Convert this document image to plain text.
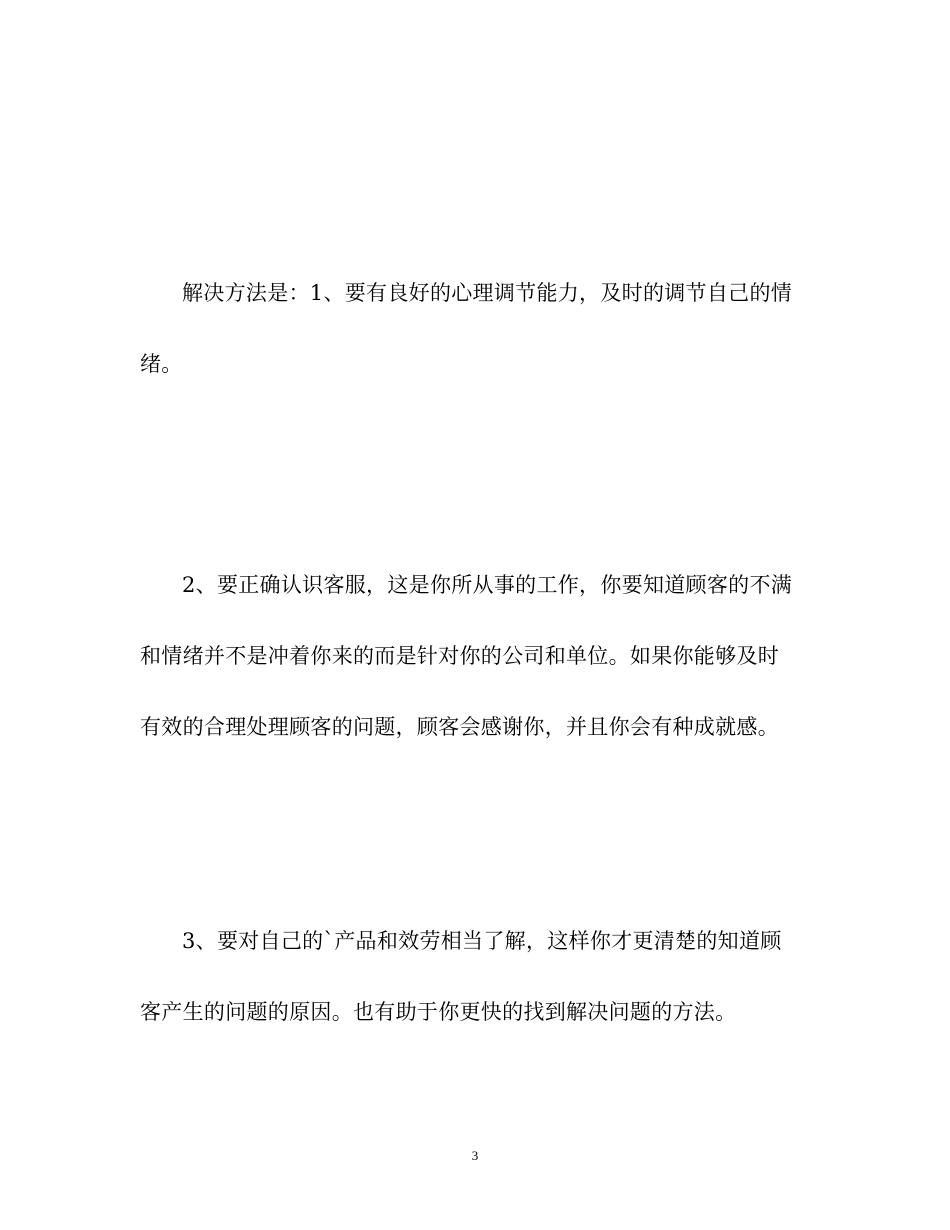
解决方法是：1、要有良好的心理调节能力，及时的调节自己的情
绪。

2、要正确认识客服，这是你所从事的工作，你要知道顾客的不满
和情绪并不是冲着你来的而是针对你的公司和单位。如果你能够及时
有效的合理处理顾客的问题，顾客会感谢你，并且你会有种成就感。

3、要对自己的`产品和效劳相当了解，这样你才更清楚的知道顾
客产生的问题的原因。也有助于你更快的找到解决问题的方法。

3
